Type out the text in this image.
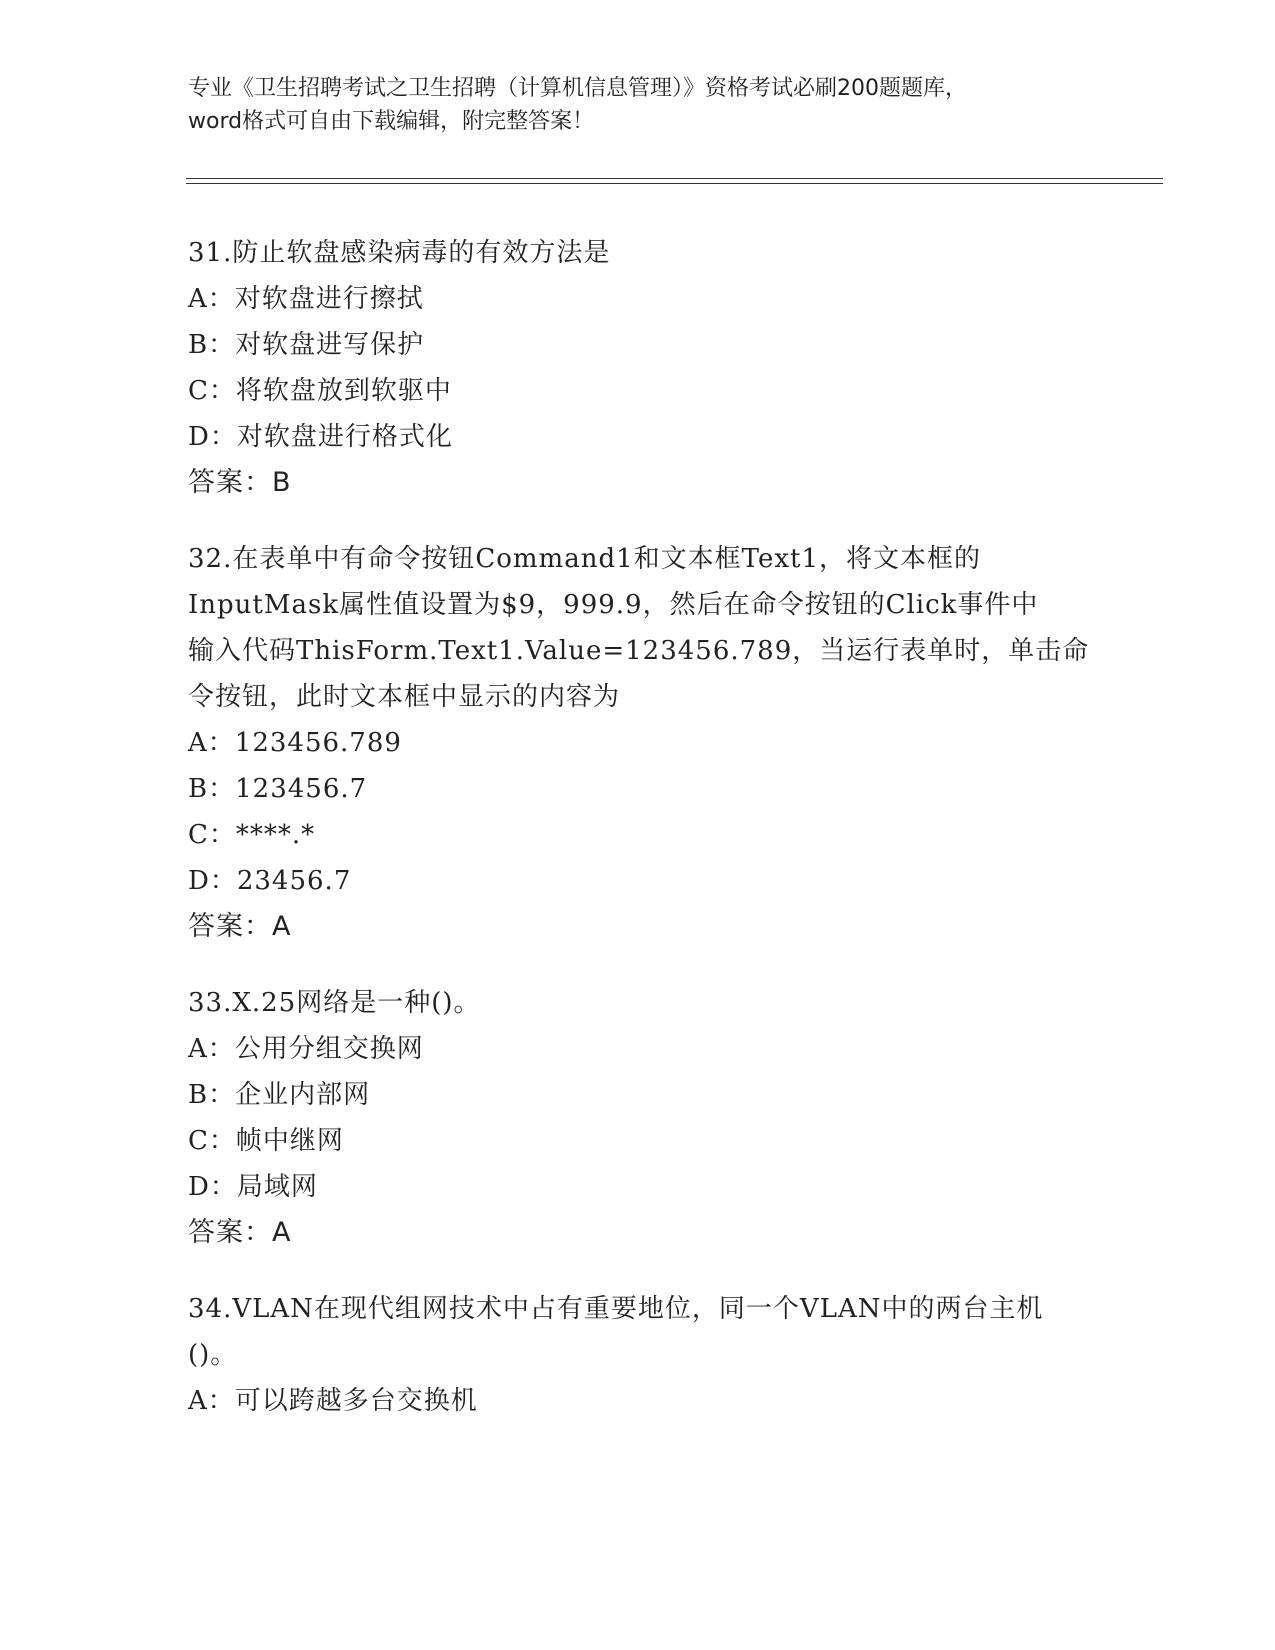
专业《卫生招聘考试之卫生招聘（计算机信息管理）》资格考试必刷200题题库，
word格式可自由下载编辑，附完整答案！
31.防止软盘感染病毒的有效方法是
A：对软盘进行擦拭
B：对软盘进写保护
C：将软盘放到软驱中
D：对软盘进行格式化
答案：B
32.在表单中有命令按钮Command1和文本框Text1，将文本框的
InputMask属性值设置为$9，999.9，然后在命令按钮的Click事件中
输入代码ThisForm.Text1.Value=123456.789，当运行表单时，单击命
令按钮，此时文本框中显示的内容为
A：123456.789
B：123456.7
C：****.*
D：23456.7
答案：A
33.X.25网络是一种()。
A：公用分组交换网
B：企业内部网
C：帧中继网
D：局域网
答案：A
34.VLAN在现代组网技术中占有重要地位，同一个VLAN中的两台主机
()。
A：可以跨越多台交换机
